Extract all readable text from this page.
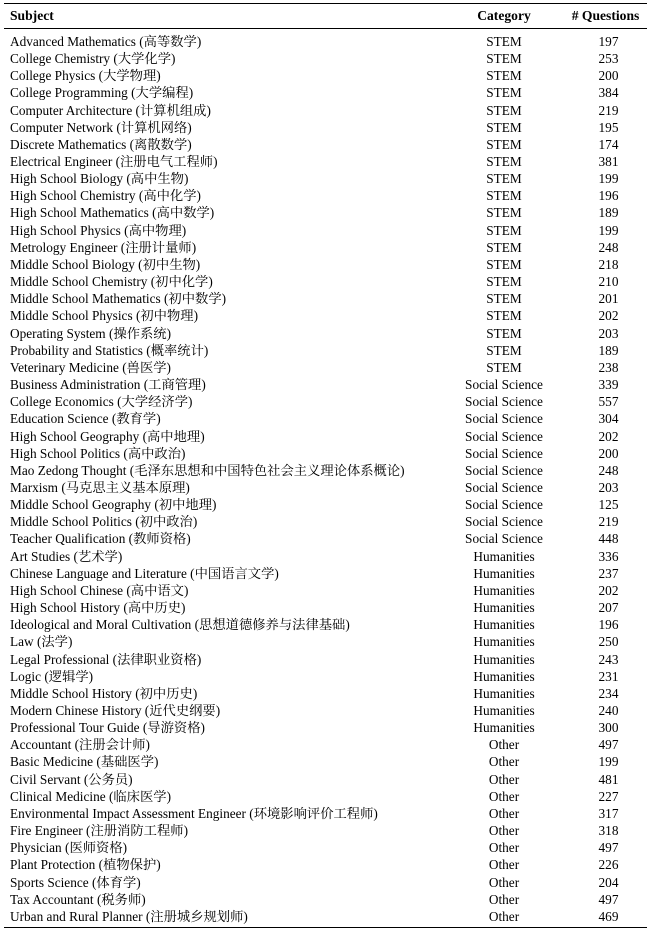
Subject	Category	# Questions
Advanced Mathematics (高等数学)	STEM	197
College Chemistry (大学化学)	STEM	253
College Physics (大学物理)	STEM	200
College Programming (大学编程)	STEM	384
Computer Architecture (计算机组成)	STEM	219
Computer Network (计算机网络)	STEM	195
Discrete Mathematics (离散数学)	STEM	174
Electrical Engineer (注册电气工程师)	STEM	381
High School Biology (高中生物)	STEM	199
High School Chemistry (高中化学)	STEM	196
High School Mathematics (高中数学)	STEM	189
High School Physics (高中物理)	STEM	199
Metrology Engineer (注册计量师)	STEM	248
Middle School Biology (初中生物)	STEM	218
Middle School Chemistry (初中化学)	STEM	210
Middle School Mathematics (初中数学)	STEM	201
Middle School Physics (初中物理)	STEM	202
Operating System (操作系统)	STEM	203
Probability and Statistics (概率统计)	STEM	189
Veterinary Medicine (兽医学)	STEM	238
Business Administration (工商管理)	Social Science	339
College Economics (大学经济学)	Social Science	557
Education Science (教育学)	Social Science	304
High School Geography (高中地理)	Social Science	202
High School Politics (高中政治)	Social Science	200
Mao Zedong Thought (毛泽东思想和中国特色社会主义理论体系概论)	Social Science	248
Marxism (马克思主义基本原理)	Social Science	203
Middle School Geography (初中地理)	Social Science	125
Middle School Politics (初中政治)	Social Science	219
Teacher Qualification (教师资格)	Social Science	448
Art Studies (艺术学)	Humanities	336
Chinese Language and Literature (中国语言文学)	Humanities	237
High School Chinese (高中语文)	Humanities	202
High School History (高中历史)	Humanities	207
Ideological and Moral Cultivation (思想道德修养与法律基础)	Humanities	196
Law (法学)	Humanities	250
Legal Professional (法律职业资格)	Humanities	243
Logic (逻辑学)	Humanities	231
Middle School History (初中历史)	Humanities	234
Modern Chinese History (近代史纲要)	Humanities	240
Professional Tour Guide (导游资格)	Humanities	300
Accountant (注册会计师)	Other	497
Basic Medicine (基础医学)	Other	199
Civil Servant (公务员)	Other	481
Clinical Medicine (临床医学)	Other	227
Environmental Impact Assessment Engineer (环境影响评价工程师)	Other	317
Fire Engineer (注册消防工程师)	Other	318
Physician (医师资格)	Other	497
Plant Protection (植物保护)	Other	226
Sports Science (体育学)	Other	204
Tax Accountant (税务师)	Other	497
Urban and Rural Planner (注册城乡规划师)	Other	469
